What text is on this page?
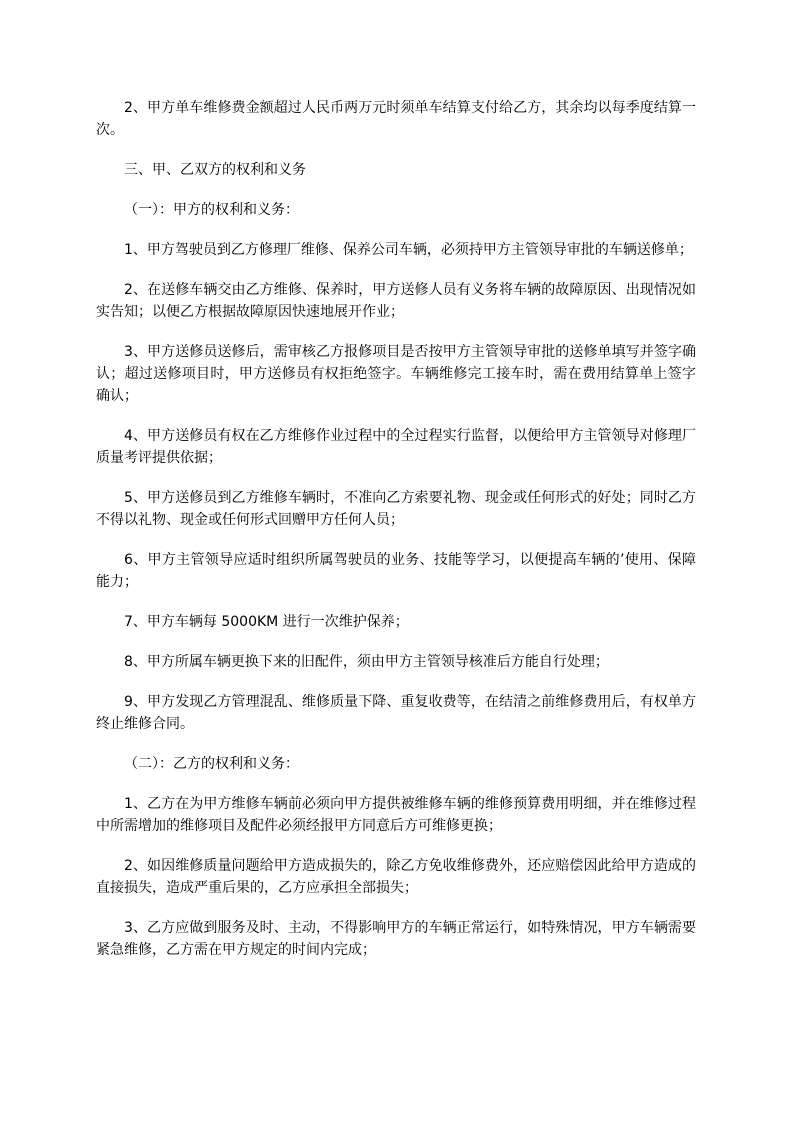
2、甲方单车维修费金额超过人民币两万元时须单车结算支付给乙方，其余均以每季度结算一次。

三、甲、乙双方的权利和义务

（一）：甲方的权利和义务：

1、甲方驾驶员到乙方修理厂维修、保养公司车辆，必须持甲方主管领导审批的车辆送修单；

2、在送修车辆交由乙方维修、保养时，甲方送修人员有义务将车辆的故障原因、出现情况如实告知；以便乙方根据故障原因快速地展开作业；

3、甲方送修员送修后，需审核乙方报修项目是否按甲方主管领导审批的送修单填写并签字确认；超过送修项目时，甲方送修员有权拒绝签字。车辆维修完工接车时，需在费用结算单上签字确认；

4、甲方送修员有权在乙方维修作业过程中的全过程实行监督，以便给甲方主管领导对修理厂质量考评提供依据；

5、甲方送修员到乙方维修车辆时，不准向乙方索要礼物、现金或任何形式的好处；同时乙方不得以礼物、现金或任何形式回赠甲方任何人员；

6、甲方主管领导应适时组织所属驾驶员的业务、技能等学习，以便提高车辆的’使用、保障能力；

7、甲方车辆每 5000KM 进行一次维护保养；

8、甲方所属车辆更换下来的旧配件，须由甲方主管领导核准后方能自行处理；

9、甲方发现乙方管理混乱、维修质量下降、重复收费等，在结清之前维修费用后，有权单方终止维修合同。

（二）：乙方的权利和义务：

1、乙方在为甲方维修车辆前必须向甲方提供被维修车辆的维修预算费用明细，并在维修过程中所需增加的维修项目及配件必须经报甲方同意后方可维修更换；

2、如因维修质量问题给甲方造成损失的，除乙方免收维修费外，还应赔偿因此给甲方造成的直接损失，造成严重后果的，乙方应承担全部损失；

3、乙方应做到服务及时、主动，不得影响甲方的车辆正常运行，如特殊情况，甲方车辆需要紧急维修，乙方需在甲方规定的时间内完成；
